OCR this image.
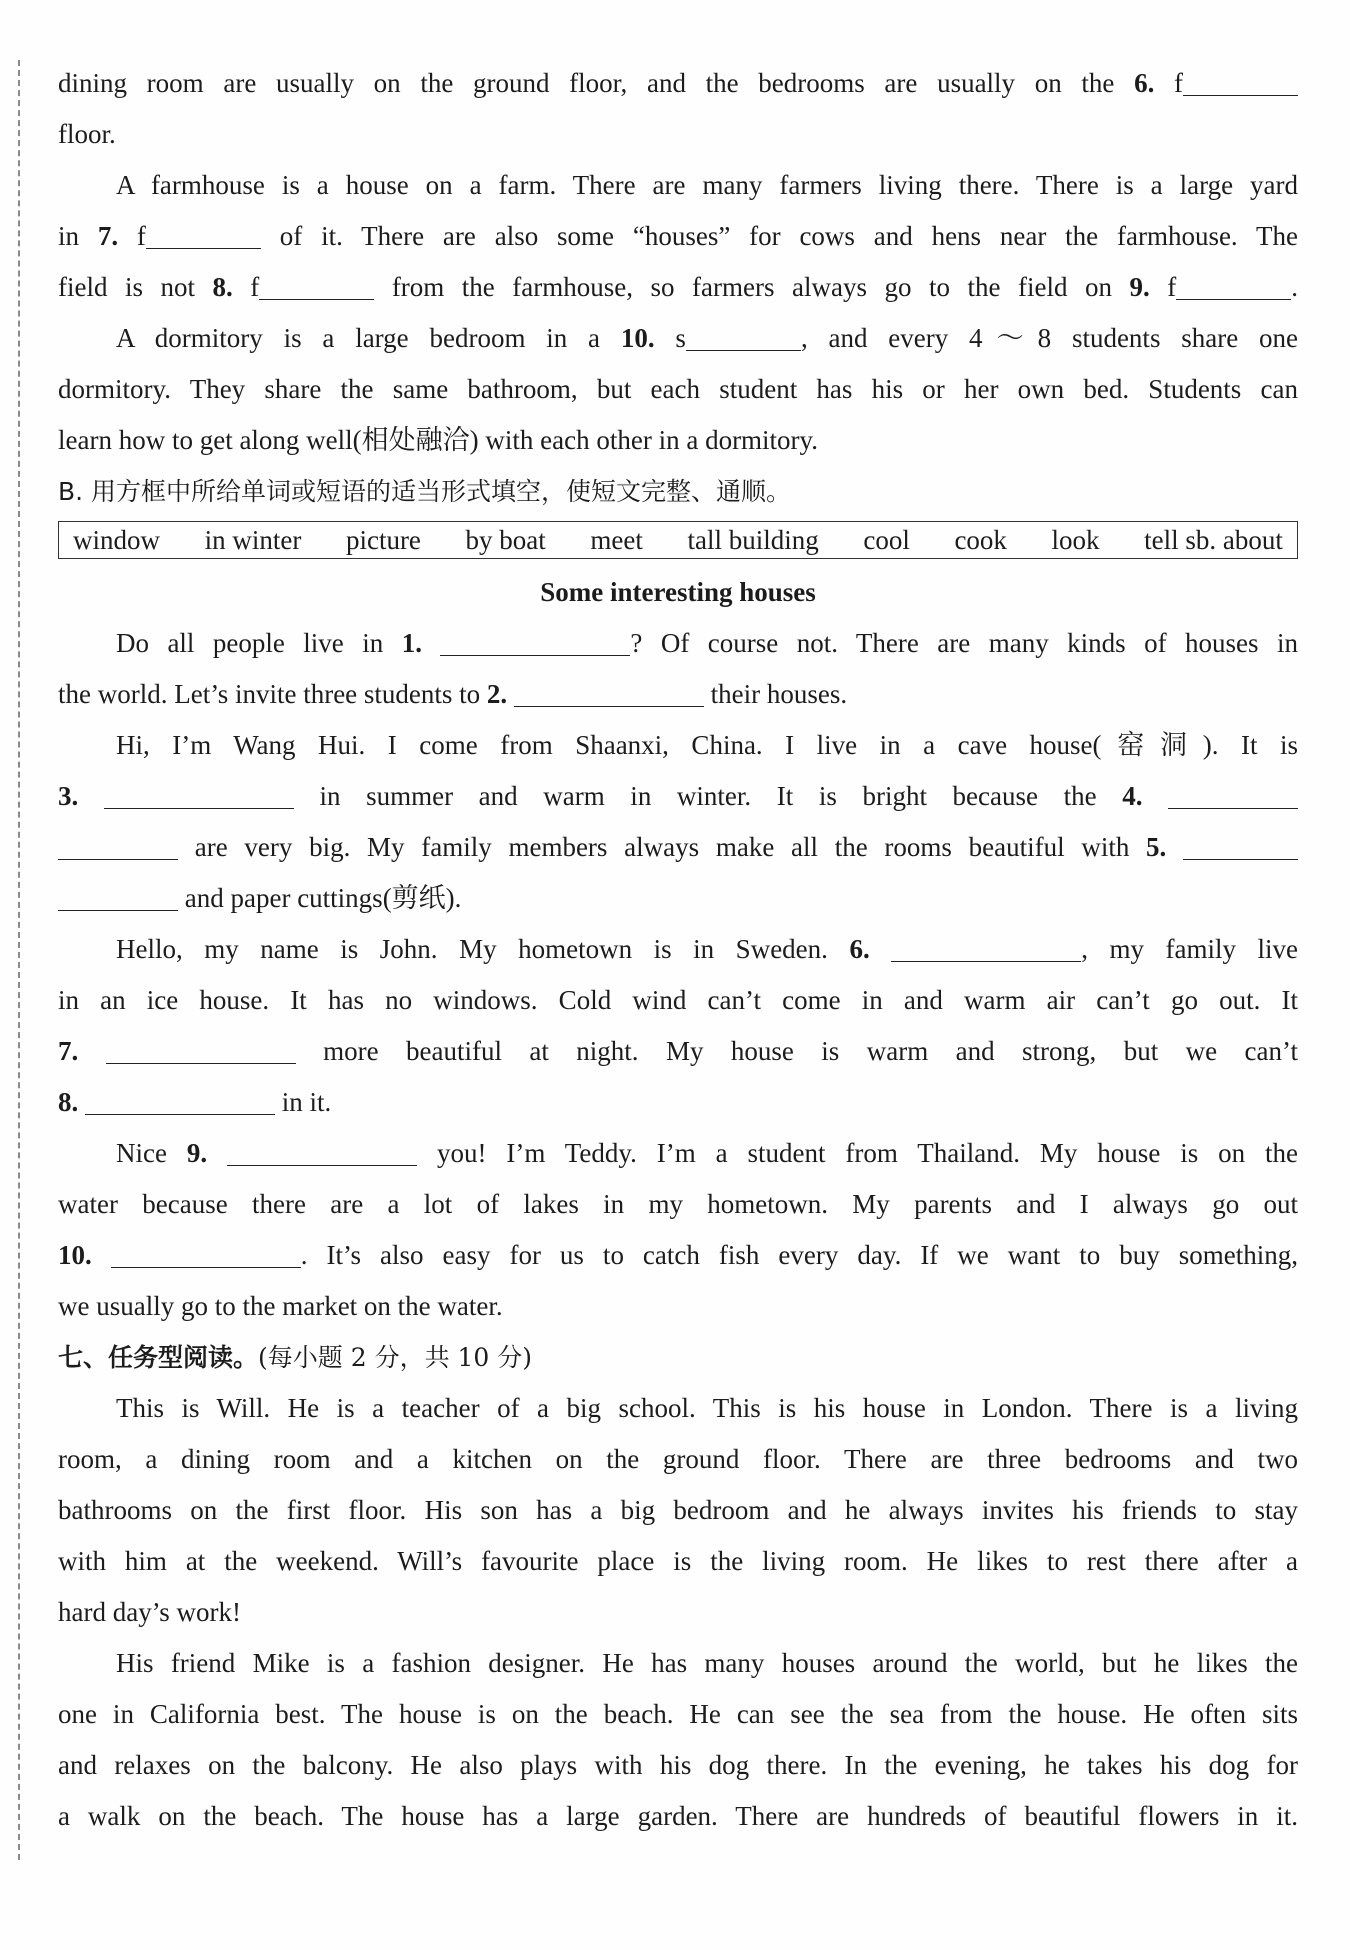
dining room are usually on the ground floor, and the bedrooms are usually on the 6. f
floor.
A farmhouse is a house on a farm. There are many farmers living there. There is a large yard
in 7. f	of it. There are also some “houses” for cows and hens near the farmhouse. The
field is not 8. f	from the farmhouse, so farmers always go to the field on 9. f	.
A dormitory is a large bedroom in a 10. s	, and every 4～8 students share one
dormitory. They share the same bathroom, but each student has his or her own bed. Students can
learn how to get along well(相处融洽) with each other in a dormitory.
B. 用方框中所给单词或短语的适当形式填空，使短文完整、通顺。
window in winter picture by boat meet tall building cool cook look tell sb. about
Some interesting houses
Do all people live in 1.	? Of course not. There are many kinds of houses in
the world. Let’s invite three students to 2.	their houses.
Hi, I’m Wang Hui. I come from Shaanxi, China. I live in a cave house(窑洞). It is
3.	in summer and warm in winter. It is bright because the 4.
are very big. My family members always make all the rooms beautiful with 5.
and paper cuttings(剪纸).
Hello, my name is John. My hometown is in Sweden. 6.	, my family live
in an ice house. It has no windows. Cold wind can’t come in and warm air can’t go out. It
7.	more beautiful at night. My house is warm and strong, but we can’t
8.	in it.
Nice 9.	you! I’m Teddy. I’m a student from Thailand. My house is on the
water because there are a lot of lakes in my hometown. My parents and I always go out
10.	. It’s also easy for us to catch fish every day. If we want to buy something,
we usually go to the market on the water.
七、任务型阅读。(每小题 2 分，共 10 分)
This is Will. He is a teacher of a big school. This is his house in London. There is a living
room, a dining room and a kitchen on the ground floor. There are three bedrooms and two
bathrooms on the first floor. His son has a big bedroom and he always invites his friends to stay
with him at the weekend. Will’s favourite place is the living room. He likes to rest there after a
hard day’s work!
His friend Mike is a fashion designer. He has many houses around the world, but he likes the
one in California best. The house is on the beach. He can see the sea from the house. He often sits
and relaxes on the balcony. He also plays with his dog there. In the evening, he takes his dog for
a walk on the beach. The house has a large garden. There are hundreds of beautiful flowers in it.
